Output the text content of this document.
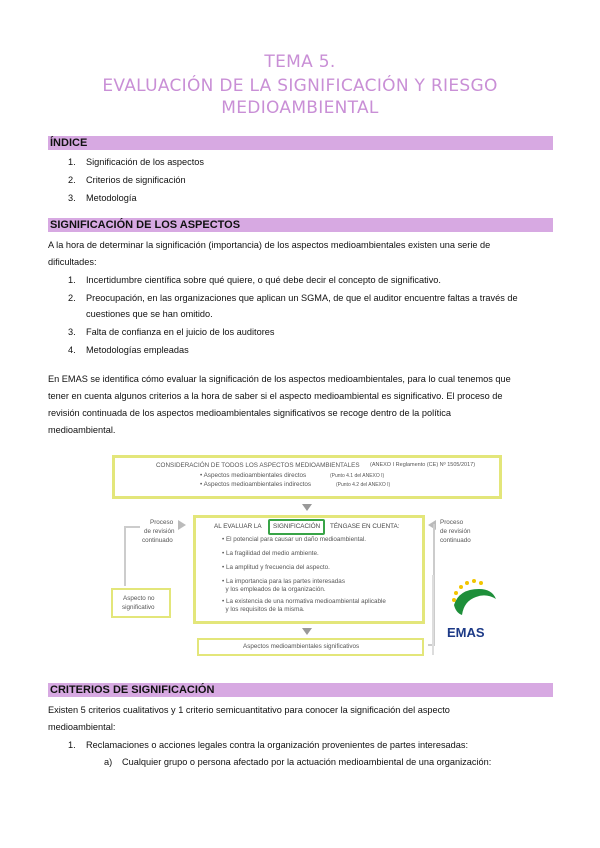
TEMA 5.
EVALUACIÓN DE LA SIGNIFICACIÓN Y RIESGO
MEDIOAMBIENTAL
ÍNDICE
1. Significación de los aspectos
2. Criterios de significación
3. Metodología
SIGNIFICACIÓN DE LOS ASPECTOS
A la hora de determinar la significación (importancia) de los aspectos medioambientales existen una serie de
dificultades:
1. Incertidumbre científica sobre qué quiere, o qué debe decir el concepto de significativo.
2. Preocupación, en las organizaciones que aplican un SGMA, de que el auditor encuentre faltas a través de
cuestiones que se han omitido.
3. Falta de confianza en el juicio de los auditores
4. Metodologías empleadas
En EMAS se identifica cómo evaluar la significación de los aspectos medioambientales, para lo cual tenemos que
tener en cuenta algunos criterios a la hora de saber si el aspecto medioambiental es significativo. El proceso de
revisión continuada de los aspectos medioambientales significativos se recoge dentro de la política
medioambiental.
CONSIDERACIÓN DE TODOS LOS ASPECTOS MEDIOAMBIENTALES (ANEXO I Reglamento (CE) Nº 1505/2017)
• Aspectos medioambientales directos	(Punto 4.1 del ANEXO I)
• Aspectos medioambientales indirectos	(Punto 4.2 del ANEXO I)
AL EVALUAR LA	SIGNIFICACIÓN	TÉNGASE EN CUENTA:
• El potencial para causar un daño medioambiental.
• La fragilidad del medio ambiente.
• La amplitud y frecuencia del aspecto.
• La importancia para las partes interesadas
y los empleados de la organización.
• La existencia de una normativa medioambiental aplicable
y los requisitos de la misma.
Proceso
de revisión
continuado
Aspecto no
significativo
Proceso
de revisión
continuado
EMAS
Aspectos medioambientales significativos
CRITERIOS DE SIGNIFICACIÓN
Existen 5 criterios cualitativos y 1 criterio semicuantitativo para conocer la significación del aspecto
medioambiental:
1. Reclamaciones o acciones legales contra la organización provenientes de partes interesadas:
a) Cualquier grupo o persona afectado por la actuación medioambiental de una organización:
